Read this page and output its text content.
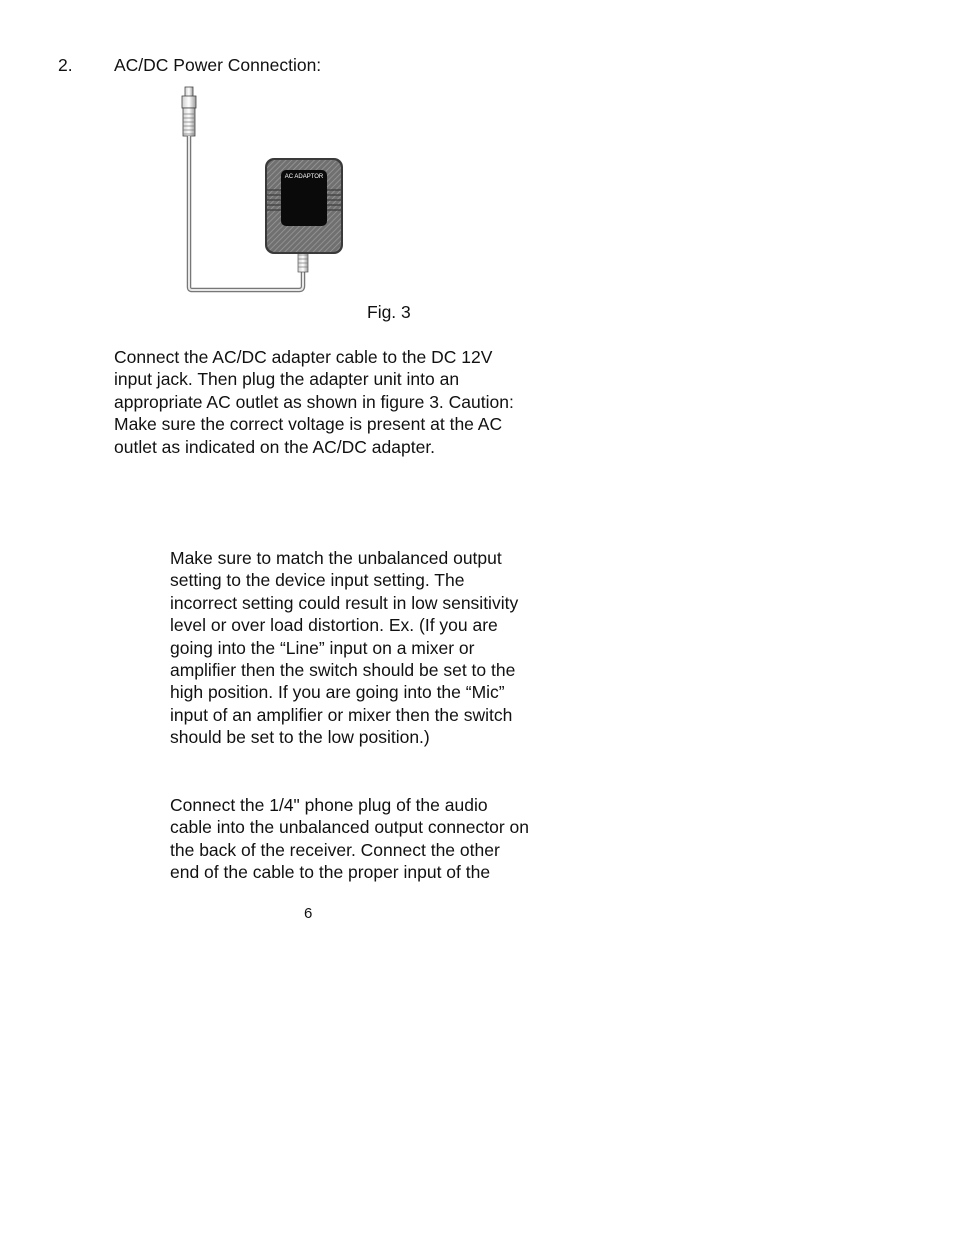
2. AC/DC Power Connection:
AC ADAPTOR
Fig. 3

Connect the AC/DC adapter cable to the DC 12V
input jack. Then plug the adapter unit into an
appropriate AC outlet as shown in figure 3. Caution:
Make sure the correct voltage is present at the AC
outlet as indicated on the AC/DC adapter.

Make sure to match the unbalanced output
setting to the device input setting. The
incorrect setting could result in low sensitivity
level or over load distortion. Ex. (If you are
going into the “Line” input on a mixer or
amplifier then the switch should be set to the
high position. If you are going into the “Mic”
input of an amplifier or mixer then the switch
should be set to the low position.)

Connect the 1/4" phone plug of the audio
cable into the unbalanced output connector on
the back of the receiver. Connect the other
end of the cable to the proper input of the

6
